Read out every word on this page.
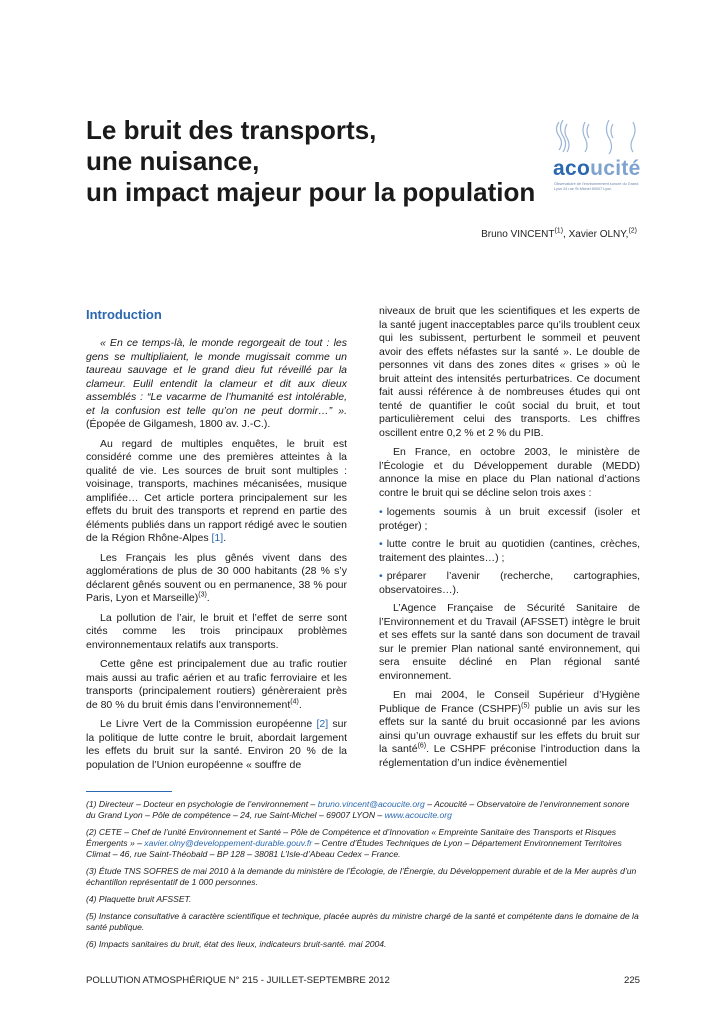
Le bruit des transports,
une nuisance,
un impact majeur pour la population
acoucité
Observatoire de l'environnement sonore du Grand Lyon 24 rue St Michel 69007 Lyon
Bruno VINCENT$^{(1)}$, Xavier OLNY,$^{(2)}$
Introduction

« En ce temps-là, le monde regorgeait de tout : les gens se multipliaient, le monde mugissait comme un taureau sauvage et le grand dieu fut réveillé par la clameur. Eulil entendit la clameur et dit aux dieux assemblés : “Le vacarme de l’humanité est intolérable, et la confusion est telle qu’on ne peut dormir…” ». (Épopée de Gilgamesh, 1800 av. J.-C.).

Au regard de multiples enquêtes, le bruit est considéré comme une des premières atteintes à la qualité de vie. Les sources de bruit sont multiples : voisinage, transports, machines mécanisées, musique amplifiée… Cet article portera principalement sur les effets du bruit des transports et reprend en partie des éléments publiés dans un rapport rédigé avec le soutien de la Région Rhône-Alpes [1].

Les Français les plus gênés vivent dans des agglomérations de plus de 30 000 habitants (28 % s’y déclarent gênés souvent ou en permanence, 38 % pour Paris, Lyon et Marseille)$^{(3)}$.

La pollution de l’air, le bruit et l’effet de serre sont cités comme les trois principaux problèmes environnementaux relatifs aux transports.

Cette gêne est principalement due au trafic routier mais aussi au trafic aérien et au trafic ferroviaire et les transports (principalement routiers) génèreraient près de 80 % du bruit émis dans l’environnement$^{(4)}$.

Le Livre Vert de la Commission européenne [2] sur la politique de lutte contre le bruit, abordait largement les effets du bruit sur la santé. Environ 20 % de la population de l’Union européenne « souffre de

niveaux de bruit que les scientifiques et les experts de la santé jugent inacceptables parce qu’ils troublent ceux qui les subissent, perturbent le sommeil et peuvent avoir des effets néfastes sur la santé ». Le double de personnes vit dans des zones dites « grises » où le bruit atteint des intensités perturbatrices. Ce document fait aussi référence à de nombreuses études qui ont tenté de quantifier le coût social du bruit, et tout particulièrement celui des transports. Les chiffres oscillent entre 0,2 % et 2 % du PIB.

En France, en octobre 2003, le ministère de l’Écologie et du Développement durable (MEDD) annonce la mise en place du Plan national d’actions contre le bruit qui se décline selon trois axes :

• logements soumis à un bruit excessif (isoler et protéger) ;

• lutte contre le bruit au quotidien (cantines, crèches, traitement des plaintes…) ;

• préparer l’avenir (recherche, cartographies, observatoires…).

L’Agence Française de Sécurité Sanitaire de l’Environnement et du Travail (AFSSET) intègre le bruit et ses effets sur la santé dans son document de travail sur le premier Plan national santé environnement, qui sera ensuite décliné en Plan régional santé environnement.

En mai 2004, le Conseil Supérieur d’Hygiène Publique de France (CSHPF)$^{(5)}$ publie un avis sur les effets sur la santé du bruit occasionné par les avions ainsi qu’un ouvrage exhaustif sur les effets du bruit sur la santé$^{(6)}$. Le CSHPF préconise l’introduction dans la réglementation d’un indice évènementiel

(1) Directeur – Docteur en psychologie de l’environnement – bruno.vincent@acoucite.org – Acoucité – Observatoire de l’environnement sonore du Grand Lyon – Pôle de compétence – 24, rue Saint-Michel – 69007 LYON – www.acoucite.org

(2) CETE – Chef de l’unité Environnement et Santé – Pôle de Compétence et d’Innovation « Empreinte Sanitaire des Transports et Risques Émergents » – xavier.olny@developpement-durable.gouv.fr – Centre d’Études Techniques de Lyon – Département Environnement Territoires Climat – 46, rue Saint-Théobald – BP 128 – 38081 L’Isle-d’Abeau Cedex – France.

(3) Étude TNS SOFRES de mai 2010 à la demande du ministère de l’Écologie, de l’Énergie, du Développement durable et de la Mer auprès d’un échantillon représentatif de 1 000 personnes.

(4) Plaquette bruit AFSSET.

(5) Instance consultative à caractère scientifique et technique, placée auprès du ministre chargé de la santé et compétente dans le domaine de la santé publique.

(6) Impacts sanitaires du bruit, état des lieux, indicateurs bruit-santé. mai 2004.

POLLUTION ATMOSPHÉRIQUE N° 215 - JUILLET-SEPTEMBRE 2012	225
